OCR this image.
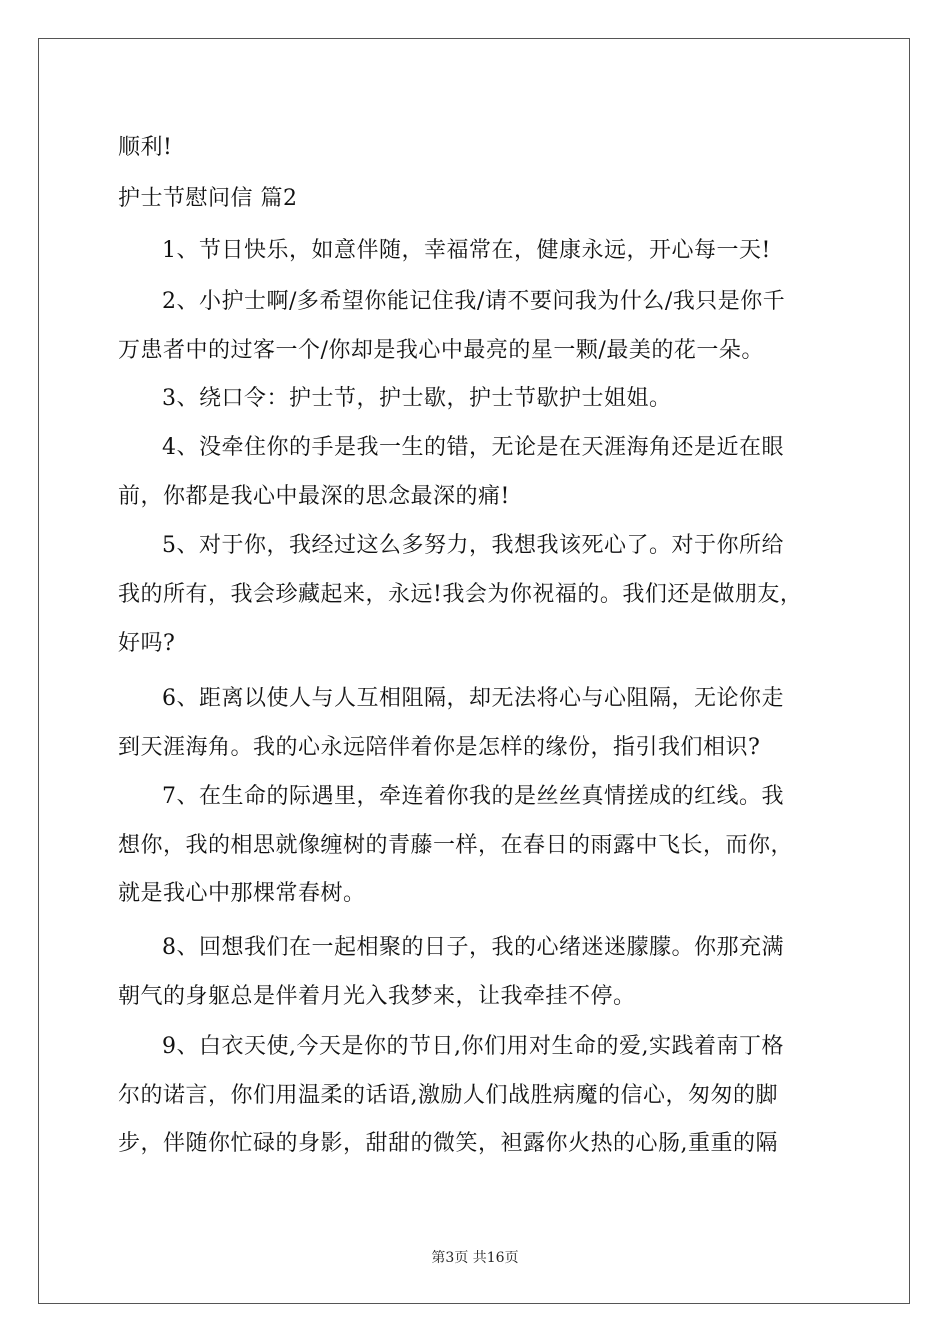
顺利!
护士节慰问信 篇2
1、节日快乐，如意伴随，幸福常在，健康永远，开心每一天!
2、小护士啊/多希望你能记住我/请不要问我为什么/我只是你千
万患者中的过客一个/你却是我心中最亮的星一颗/最美的花一朵。
3、绕口令：护士节，护士歇，护士节歇护士姐姐。
4、没牵住你的手是我一生的错，无论是在天涯海角还是近在眼
前，你都是我心中最深的思念最深的痛!
5、对于你，我经过这么多努力，我想我该死心了。对于你所给
我的所有，我会珍藏起来，永远!我会为你祝福的。我们还是做朋友，
好吗?
6、距离以使人与人互相阻隔，却无法将心与心阻隔，无论你走
到天涯海角。我的心永远陪伴着你是怎样的缘份，指引我们相识?
7、在生命的际遇里，牵连着你我的是丝丝真情搓成的红线。我
想你，我的相思就像缠树的青藤一样，在春日的雨露中飞长，而你，
就是我心中那棵常春树。
8、回想我们在一起相聚的日子，我的心绪迷迷朦朦。你那充满
朝气的身躯总是伴着月光入我梦来，让我牵挂不停。
9、白衣天使,今天是你的节日,你们用对生命的爱,实践着南丁格
尔的诺言，你们用温柔的话语,激励人们战胜病魔的信心，匆匆的脚
步，伴随你忙碌的身影，甜甜的微笑，袒露你火热的心肠,重重的隔
第3页 共16页
